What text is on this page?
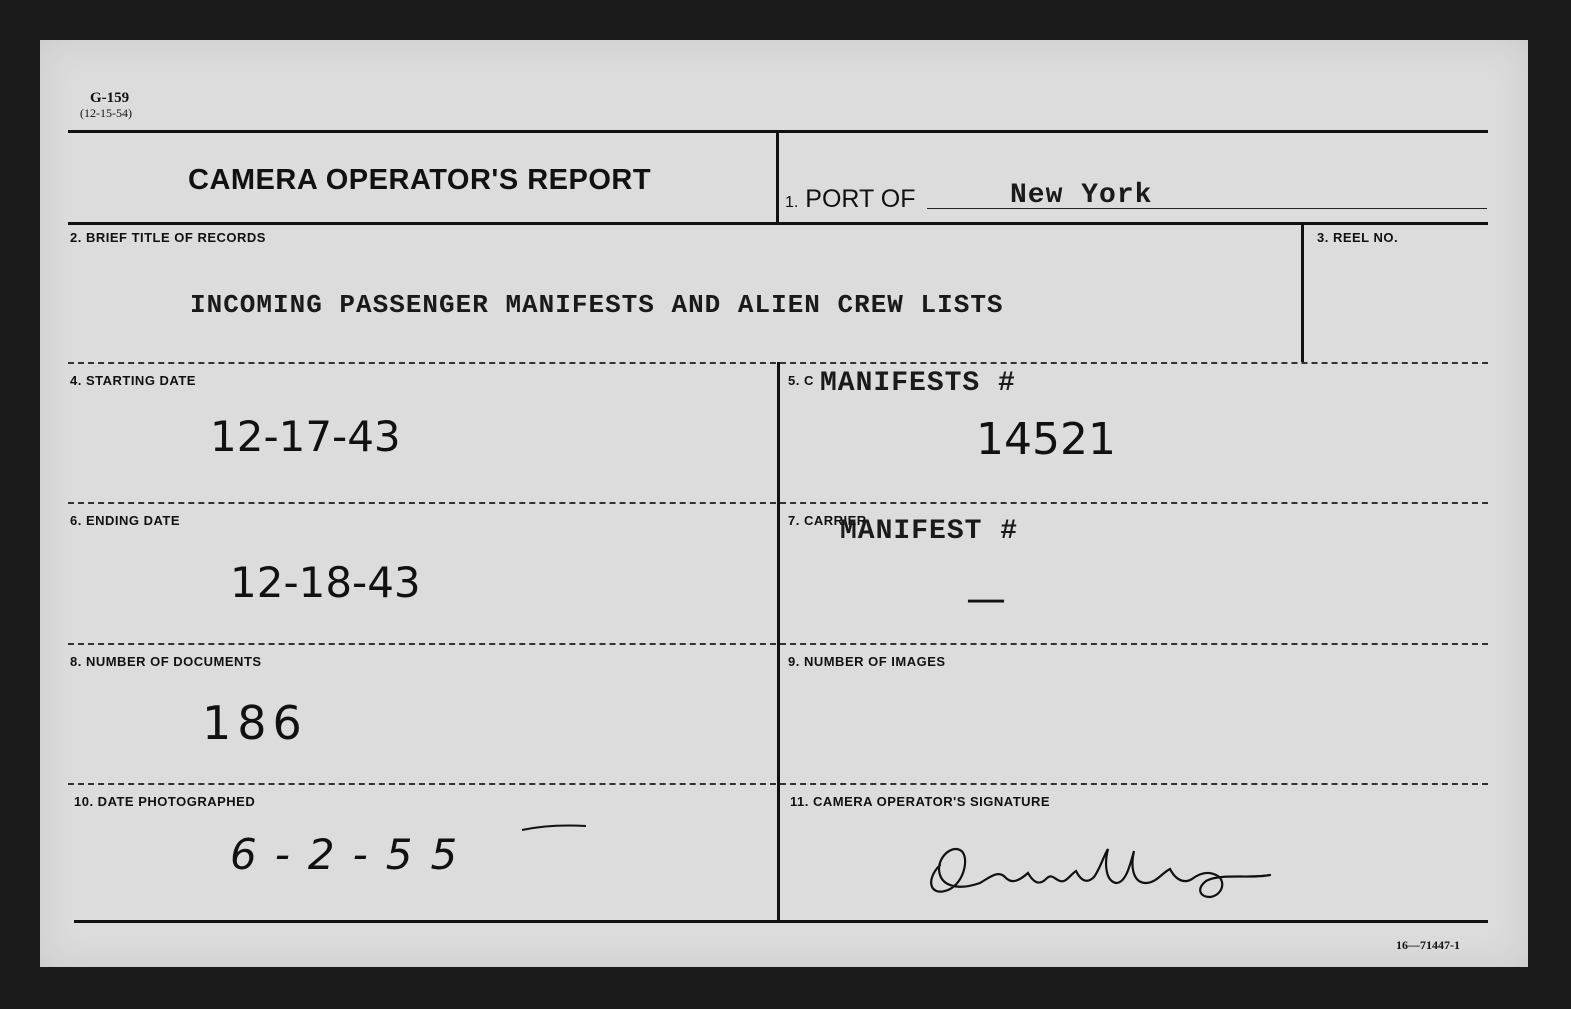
G-159
(12-15-54)
CAMERA OPERATOR'S REPORT
1. PORT OF	New York
2. BRIEF TITLE OF RECORDS
INCOMING PASSENGER MANIFESTS AND ALIEN CREW LISTS
3. REEL NO.
4. STARTING DATE
12-17-43
5. C MANIFESTS #
14521
6. ENDING DATE
12-18-43
7. CARRIER
MANIFEST #
—
8. NUMBER OF DOCUMENTS
186
9. NUMBER OF IMAGES
10. DATE PHOTOGRAPHED
6-2-55
11. CAMERA OPERATOR'S SIGNATURE
16—71447-1
